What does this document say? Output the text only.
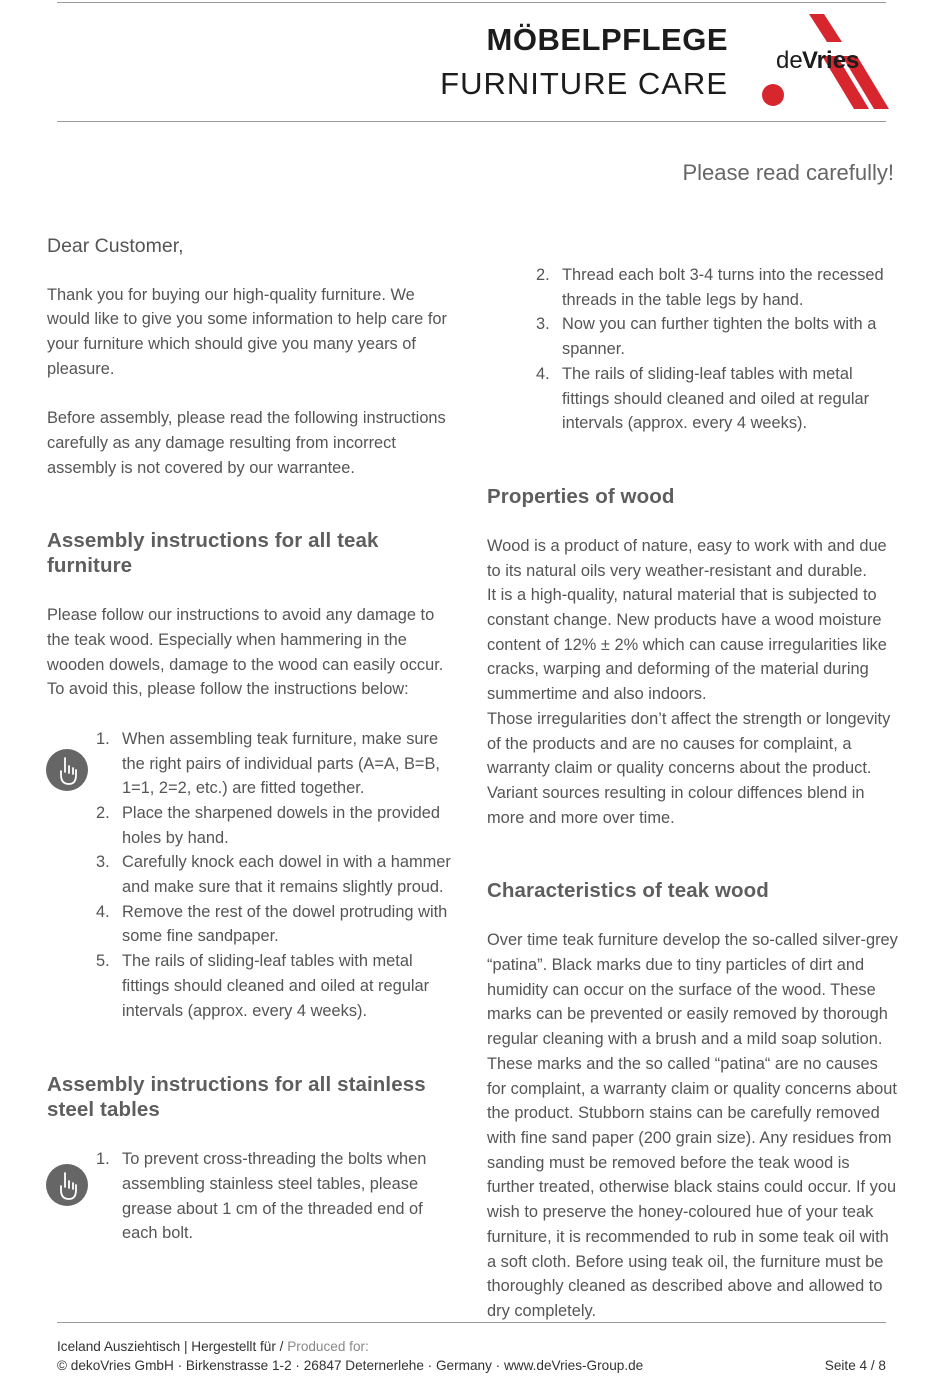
MÖBELPFLEGE
FURNITURE CARE
de Vries
Please read carefully!

Dear Customer,

Thank you for buying our high-quality furniture. We would like to give you some information to help care for your furniture which should give you many years of pleasure.

Before assembly, please read the following instructions carefully as any damage resulting from incorrect assembly is not covered by our warrantee.

Assembly instructions for all teak furniture

Please follow our instructions to avoid any damage to the teak wood. Especially when hammering in the wooden dowels, damage to the wood can easily occur. To avoid this, please follow the instructions below:

1. When assembling teak furniture, make sure the right pairs of individual parts (A=A, B=B, 1=1, 2=2, etc.) are fitted together.
2. Place the sharpened dowels in the provided holes by hand.
3. Carefully knock each dowel in with a hammer and make sure that it remains slightly proud.
4. Remove the rest of the dowel protruding with some fine sandpaper.
5. The rails of sliding-leaf tables with metal fittings should cleaned and oiled at regular intervals (approx. every 4 weeks).
Assembly instructions for all stainless steel tables
1. To prevent cross-threading the bolts when assembling stainless steel tables, please grease about 1 cm of the threaded end of each bolt.
2. Thread each bolt 3-4 turns into the recessed threads in the table legs by hand.
3. Now you can further tighten the bolts with a spanner.
4. The rails of sliding-leaf tables with metal fittings should cleaned and oiled at regular intervals (approx. every 4 weeks).
Properties of wood

Wood is a product of nature, easy to work with and due to its natural oils very weather-resistant and durable.

It is a high-quality, natural material that is subjected to constant change. New products have a wood moisture content of 12% ± 2% which can cause irregularities like cracks, warping and deforming of the material during summertime and also indoors.

Those irregularities don’t affect the strength or longevity of the products and are no causes for complaint, a warranty claim or quality concerns about the product. Variant sources resulting in colour diffences blend in more and more over time.

Characteristics of teak wood

Over time teak furniture develop the so-called silver-grey “patina”. Black marks due to tiny particles of dirt and humidity can occur on the surface of the wood. These marks can be prevented or easily removed by thorough regular cleaning with a brush and a mild soap solution. These marks and the so called “patina“ are no causes for complaint, a warranty claim or quality concerns about the product. Stubborn stains can be carefully removed with fine sand paper (200 grain size). Any residues from sanding must be removed before the teak wood is further treated, otherwise black stains could occur. If you wish to preserve the honey-coloured hue of your teak furniture, it is recommended to rub in some teak oil with a soft cloth. Before using teak oil, the furniture must be thoroughly cleaned as described above and allowed to dry completely.

Iceland Ausziehtisch | Hergestellt für / Produced for:
© dekoVries GmbH · Birkenstrasse 1-2 · 26847 Deternerlehe · Germany · www.deVries-Group.de	Seite 4 / 8
